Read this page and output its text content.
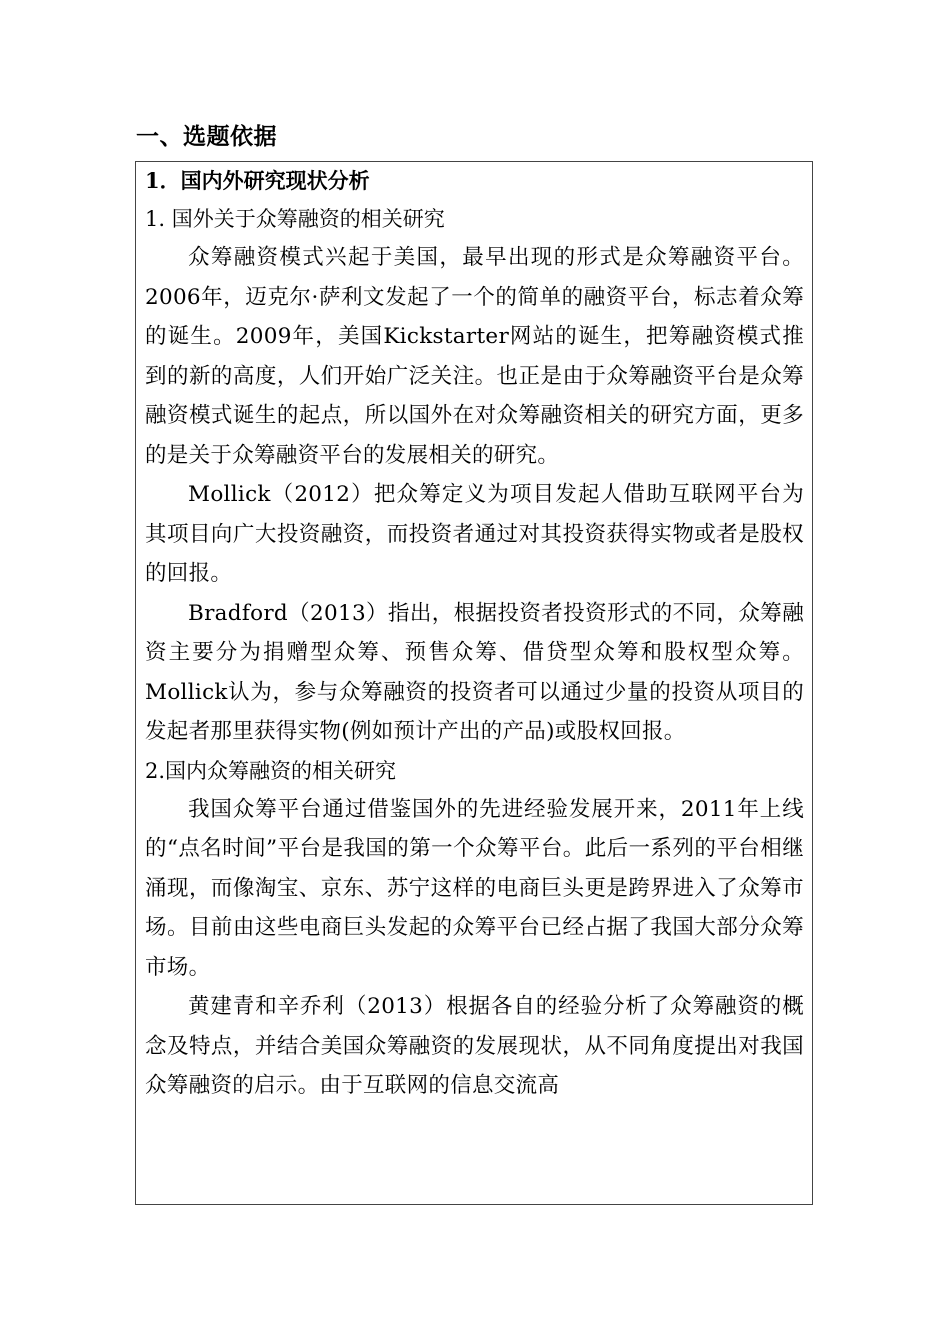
一、选题依据

1．国内外研究现状分析

1. 国外关于众筹融资的相关研究

众筹融资模式兴起于美国，最早出现的形式是众筹融资平台。2006年，迈克尔·萨利文发起了一个的简单的融资平台，标志着众筹的诞生。2009年，美国Kickstarter网站的诞生，把筹融资模式推到的新的高度，人们开始广泛关注。也正是由于众筹融资平台是众筹融资模式诞生的起点，所以国外在对众筹融资相关的研究方面，更多的是关于众筹融资平台的发展相关的研究。

Mollick（2012）把众筹定义为项目发起人借助互联网平台为其项目向广大投资融资，而投资者通过对其投资获得实物或者是股权的回报。

Bradford（2013）指出，根据投资者投资形式的不同，众筹融资主要分为捐赠型众筹、预售众筹、借贷型众筹和股权型众筹。Mollick认为，参与众筹融资的投资者可以通过少量的投资从项目的发起者那里获得实物(例如预计产出的产品)或股权回报。

2.国内众筹融资的相关研究

我国众筹平台通过借鉴国外的先进经验发展开来，2011年上线的“点名时间”平台是我国的第一个众筹平台。此后一系列的平台相继涌现，而像淘宝、京东、苏宁这样的电商巨头更是跨界进入了众筹市场。目前由这些电商巨头发起的众筹平台已经占据了我国大部分众筹市场。

黄建青和辛乔利（2013）根据各自的经验分析了众筹融资的概念及特点，并结合美国众筹融资的发展现状，从不同角度提出对我国众筹融资的启示。由于互联网的信息交流高
